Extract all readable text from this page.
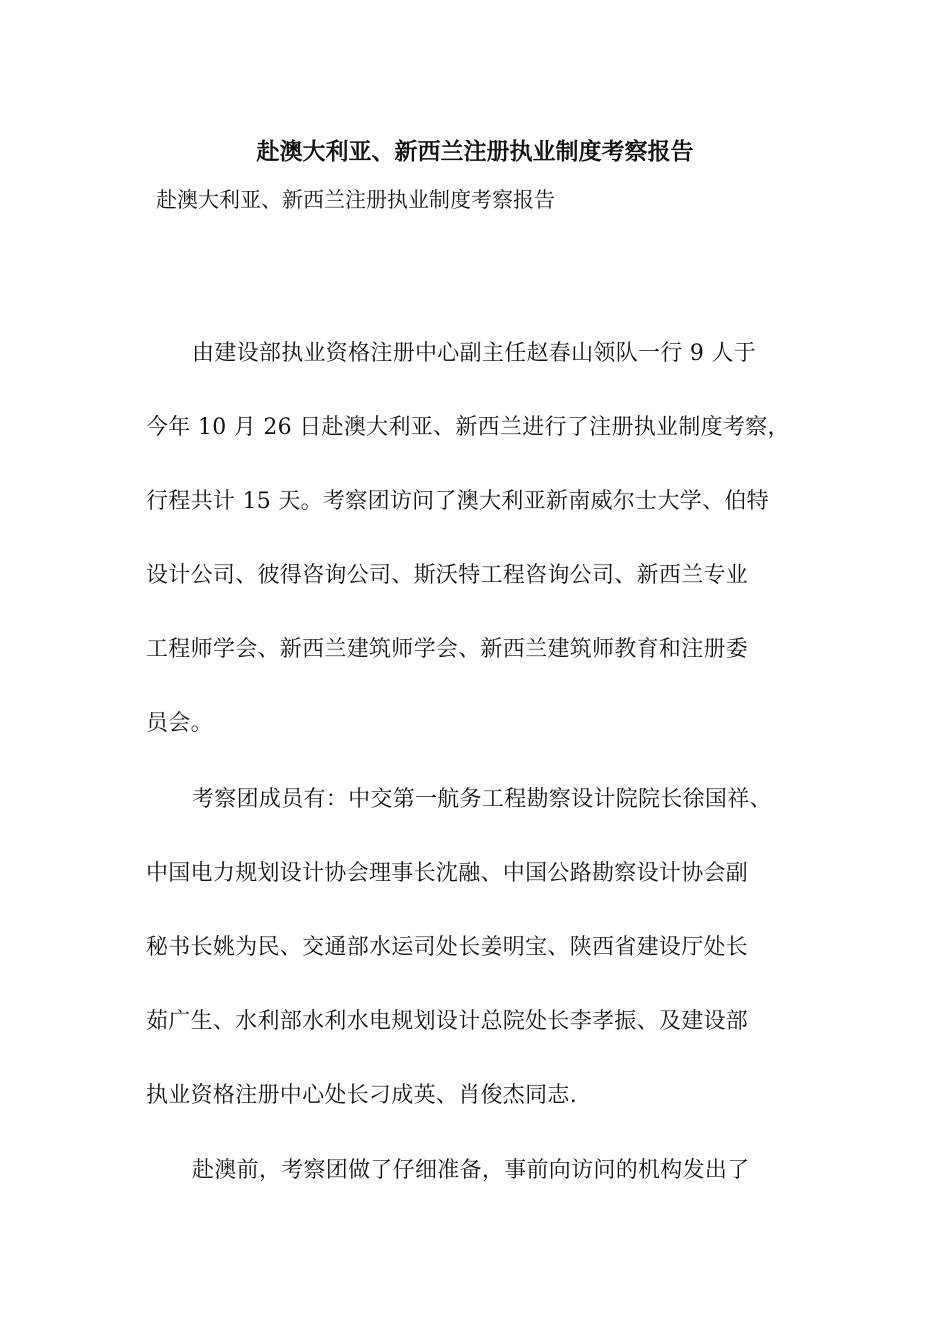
赴澳大利亚、新西兰注册执业制度考察报告
赴澳大利亚、新西兰注册执业制度考察报告
由建设部执业资格注册中心副主任赵春山领队一行 9 人于
今年 10 月 26 日赴澳大利亚、新西兰进行了注册执业制度考察，
行程共计 15 天。考察团访问了澳大利亚新南威尔士大学、伯特
设计公司、彼得咨询公司、斯沃特工程咨询公司、新西兰专业
工程师学会、新西兰建筑师学会、新西兰建筑师教育和注册委
员会。
考察团成员有：中交第一航务工程勘察设计院院长徐国祥、
中国电力规划设计协会理事长沈融、中国公路勘察设计协会副
秘书长姚为民、交通部水运司处长姜明宝、陕西省建设厅处长
茹广生、水利部水利水电规划设计总院处长李孝振、及建设部
执业资格注册中心处长刁成英、肖俊杰同志.
赴澳前，考察团做了仔细准备，事前向访问的机构发出了
